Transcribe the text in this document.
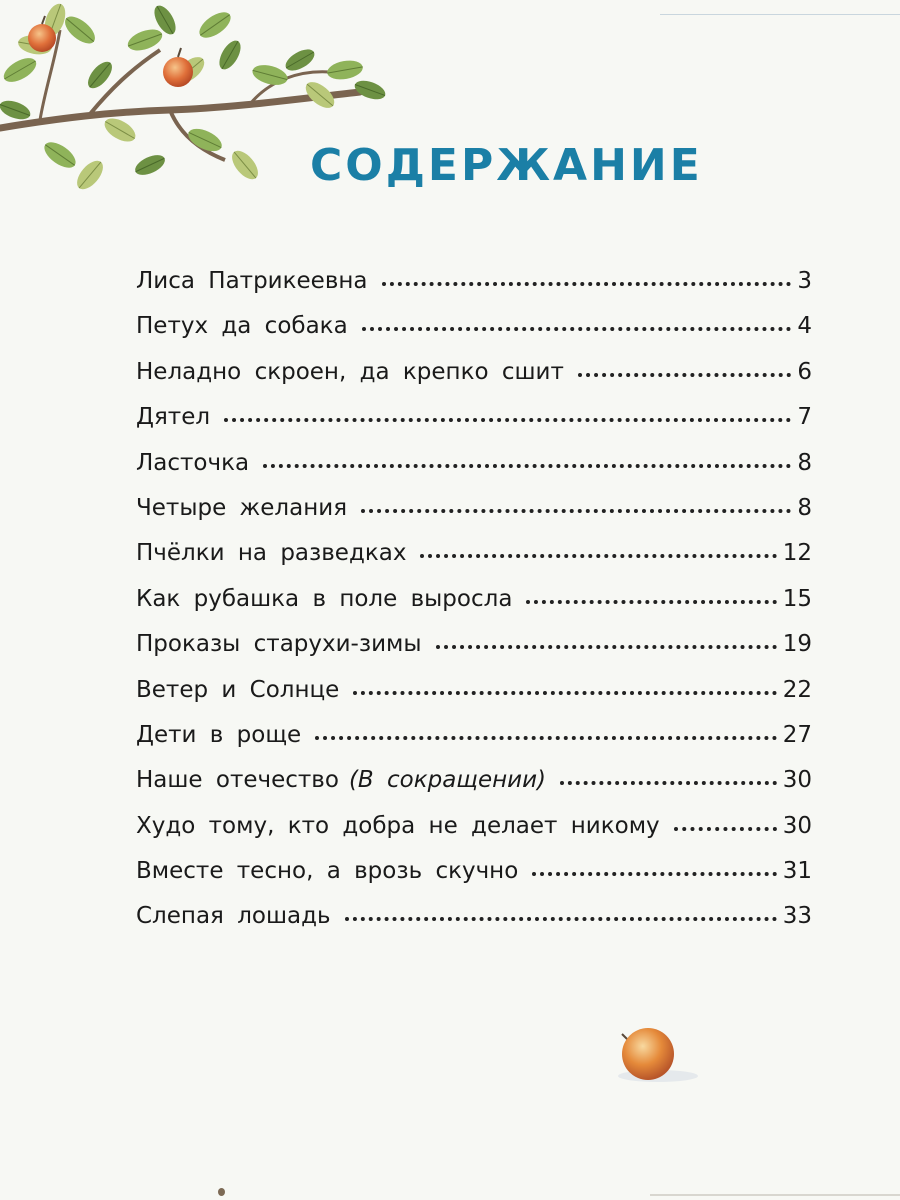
СОДЕРЖАНИЕ
Лиса Патрикеевна	3
Петух да собака	4
Неладно скроен, да крепко сшит	6
Дятел	7
Ласточка	8
Четыре желания	8
Пчёлки на разведках	12
Как рубашка в поле выросла	15
Проказы старухи-зимы	19
Ветер и Солнце	22
Дети в роще	27
Наше отечество (В сокращении)	30
Худо тому, кто добра не делает никому	30
Вместе тесно, а врозь скучно	31
Слепая лошадь	33
